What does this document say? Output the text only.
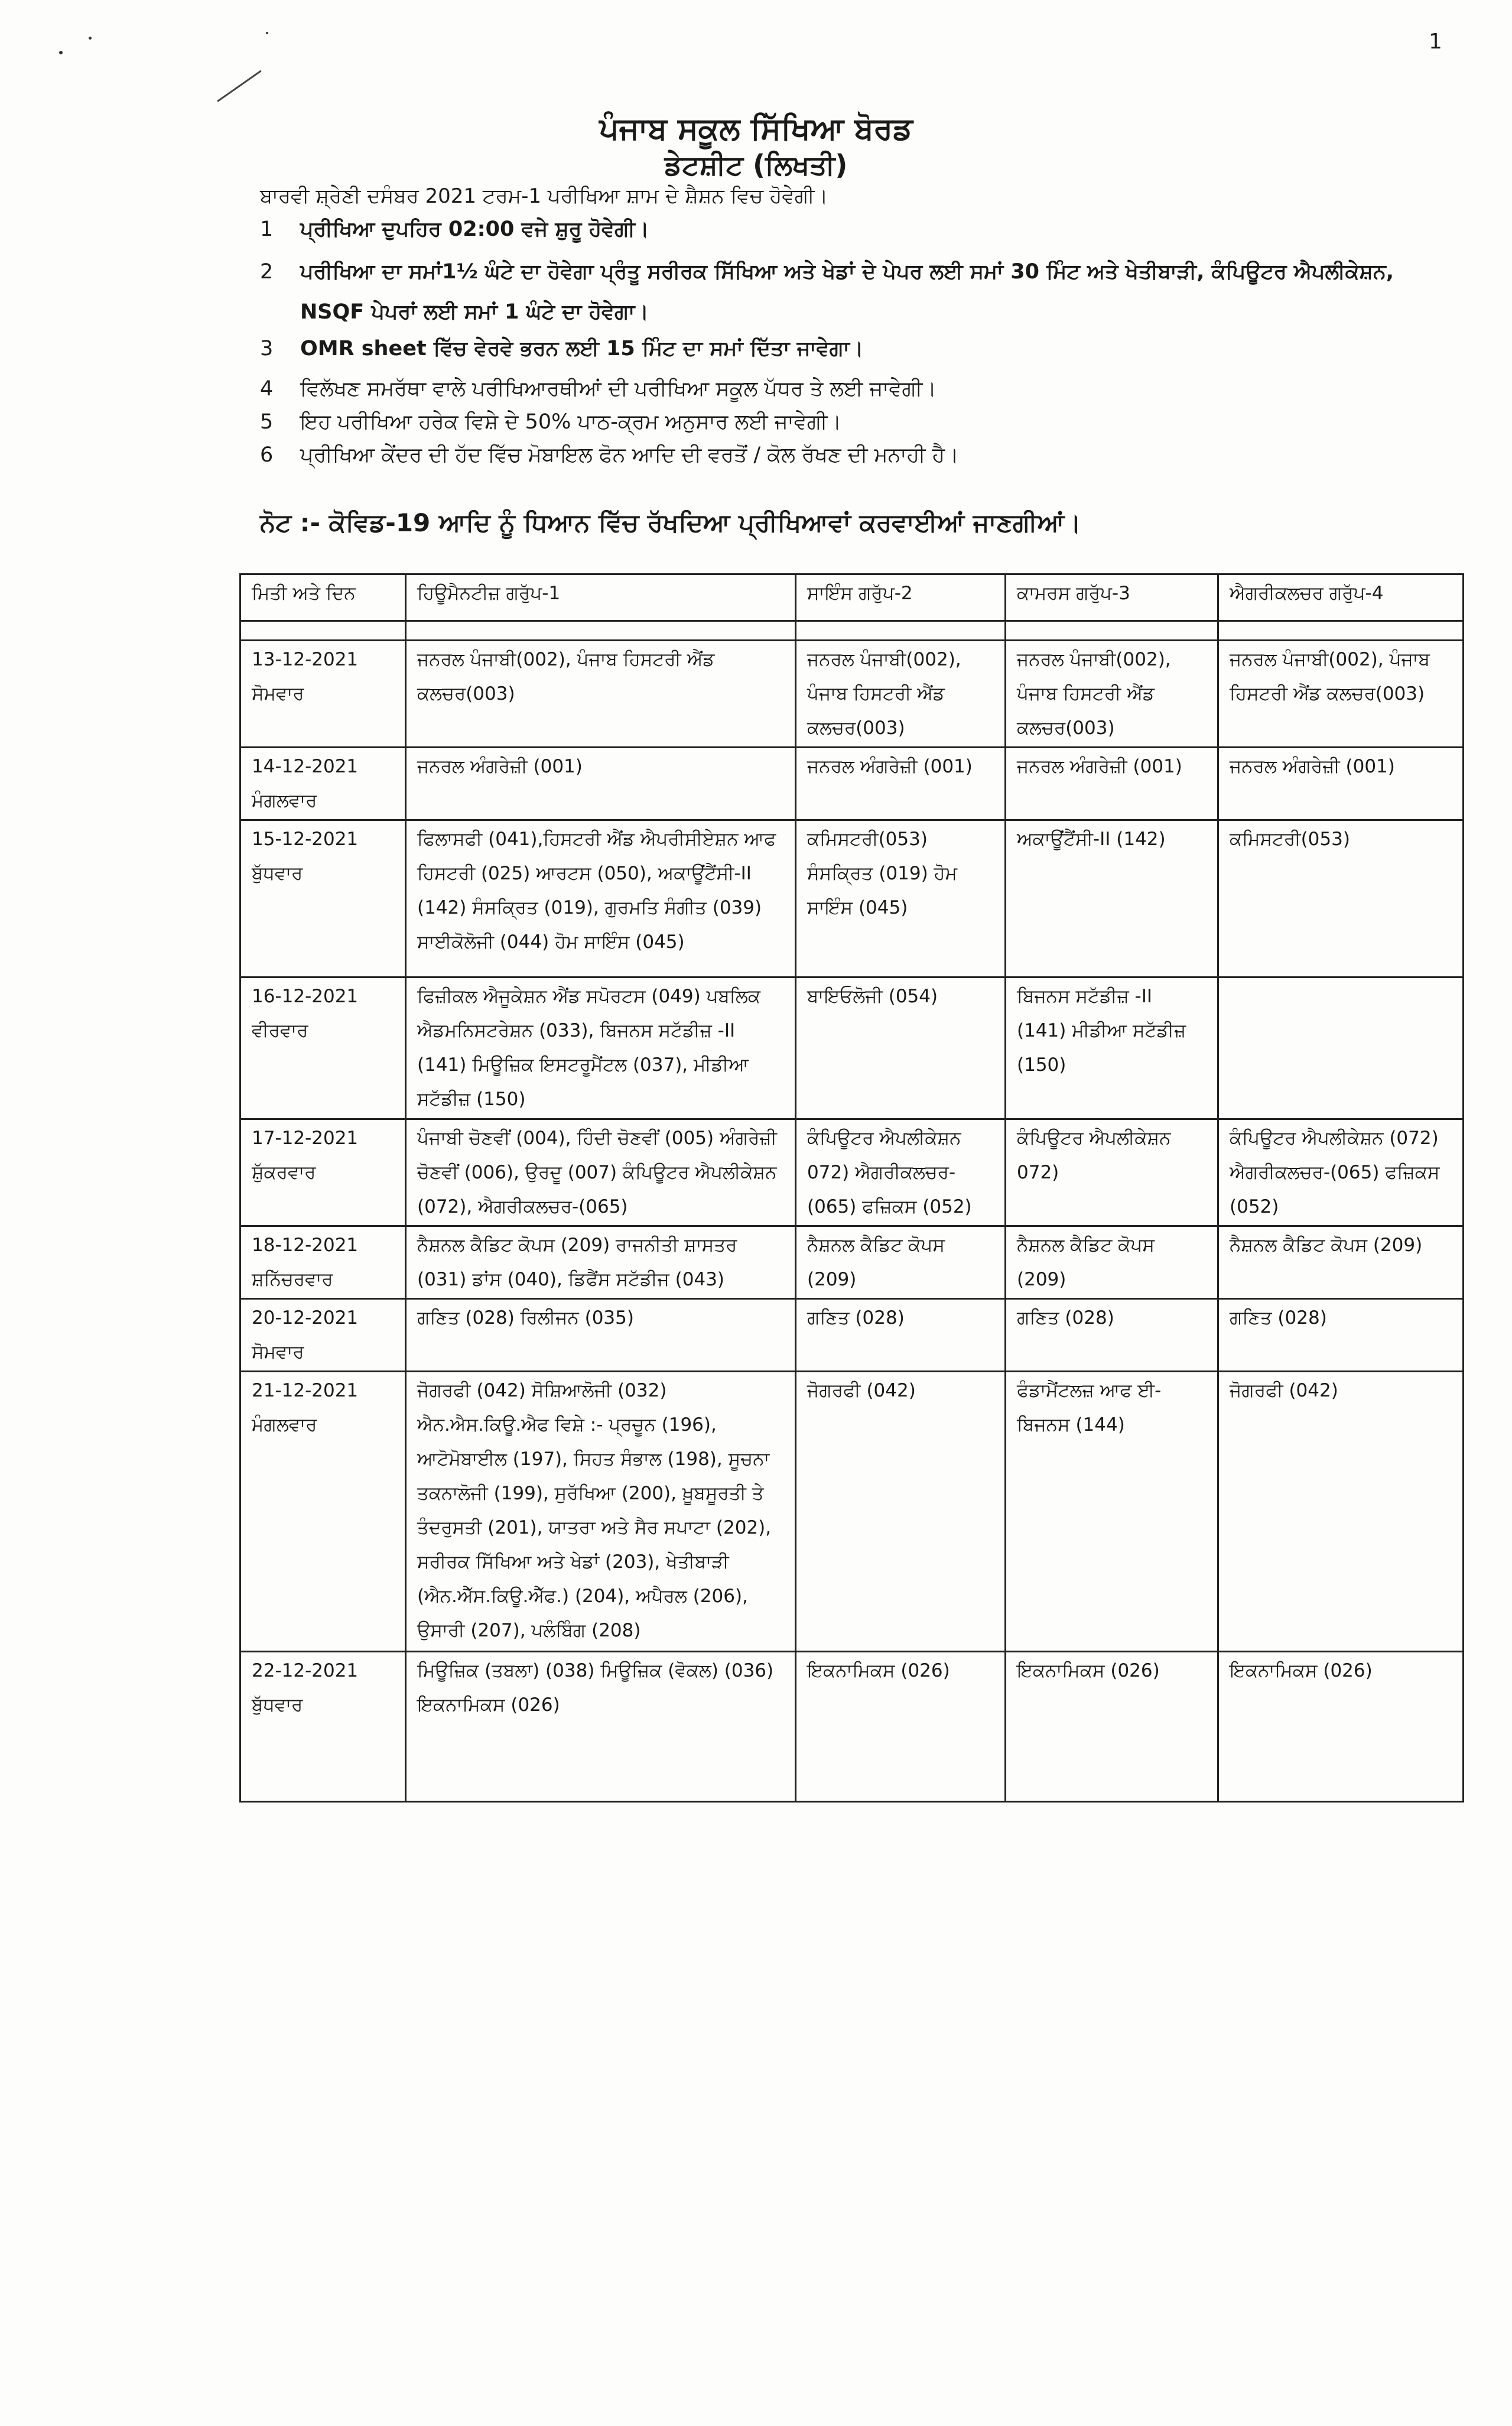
1
ਪੰਜਾਬ ਸਕੂਲ ਸਿੱਖਿਆ ਬੋਰਡ
ਡੇਟਸ਼ੀਟ (ਲਿਖਤੀ)
ਬਾਰਵੀ ਸ਼੍ਰੇਣੀ ਦਸੰਬਰ 2021 ਟਰਮ-1 ਪਰੀਖਿਆ ਸ਼ਾਮ ਦੇ ਸ਼ੈਸ਼ਨ ਵਿਚ ਹੋਵੇਗੀ।
1 ਪ੍ਰੀਖਿਆ ਦੁਪਹਿਰ 02:00 ਵਜੇ ਸ਼ੁਰੂ ਹੋਵੇਗੀ।
2 ਪਰੀਖਿਆ ਦਾ ਸਮਾਂ1½ ਘੰਟੇ ਦਾ ਹੋਵੇਗਾ ਪ੍ਰੰਤੂ ਸਰੀਰਕ ਸਿੱਖਿਆ ਅਤੇ ਖੇਡਾਂ ਦੇ ਪੇਪਰ ਲਈ ਸਮਾਂ 30 ਮਿੰਟ ਅਤੇ ਖੇਤੀਬਾੜੀ, ਕੰਪਿਊਟਰ ਐਪਲੀਕੇਸ਼ਨ,
NSQF ਪੇਪਰਾਂ ਲਈ ਸਮਾਂ 1 ਘੰਟੇ ਦਾ ਹੋਵੇਗਾ।
3 OMR sheet ਵਿੱਚ ਵੇਰਵੇ ਭਰਨ ਲਈ 15 ਮਿੰਟ ਦਾ ਸਮਾਂ ਦਿੱਤਾ ਜਾਵੇਗਾ।
4 ਵਿਲੱਖਣ ਸਮਰੱਥਾ ਵਾਲੇ ਪਰੀਖਿਆਰਥੀਆਂ ਦੀ ਪਰੀਖਿਆ ਸਕੂਲ ਪੱਧਰ ਤੇ ਲਈ ਜਾਵੇਗੀ।
5 ਇਹ ਪਰੀਖਿਆ ਹਰੇਕ ਵਿਸ਼ੇ ਦੇ 50% ਪਾਠ-ਕ੍ਰਮ ਅਨੁਸਾਰ ਲਈ ਜਾਵੇਗੀ।
6 ਪ੍ਰੀਖਿਆ ਕੇਂਦਰ ਦੀ ਹੱਦ ਵਿੱਚ ਮੋਬਾਇਲ ਫੋਨ ਆਦਿ ਦੀ ਵਰਤੋਂ / ਕੋਲ ਰੱਖਣ ਦੀ ਮਨਾਹੀ ਹੈ।
ਨੋਟ :- ਕੋਵਿਡ-19 ਆਦਿ ਨੂੰ ਧਿਆਨ ਵਿੱਚ ਰੱਖਦਿਆ ਪ੍ਰੀਖਿਆਵਾਂ ਕਰਵਾਈਆਂ ਜਾਣਗੀਆਂ।
ਮਿਤੀ ਅਤੇ ਦਿਨ	ਹਿਊਮੈਨਟੀਜ਼ ਗਰੁੱਪ-1	ਸਾਇੰਸ ਗਰੁੱਪ-2	ਕਾਮਰਸ ਗਰੁੱਪ-3	ਐਗਰੀਕਲਚਰ ਗਰੁੱਪ-4

13-12-2021
ਸੋਮਵਾਰ	ਜਨਰਲ ਪੰਜਾਬੀ(002), ਪੰਜਾਬ ਹਿਸਟਰੀ ਐਂਡ ਕਲਚਰ(003)	ਜਨਰਲ ਪੰਜਾਬੀ(002), ਪੰਜਾਬ ਹਿਸਟਰੀ ਐਂਡ ਕਲਚਰ(003)	ਜਨਰਲ ਪੰਜਾਬੀ(002), ਪੰਜਾਬ ਹਿਸਟਰੀ ਐਂਡ ਕਲਚਰ(003)	ਜਨਰਲ ਪੰਜਾਬੀ(002), ਪੰਜਾਬ ਹਿਸਟਰੀ ਐਂਡ ਕਲਚਰ(003)

14-12-2021
ਮੰਗਲਵਾਰ	ਜਨਰਲ ਅੰਗਰੇਜ਼ੀ (001)	ਜਨਰਲ ਅੰਗਰੇਜ਼ੀ (001)	ਜਨਰਲ ਅੰਗਰੇਜ਼ੀ (001)	ਜਨਰਲ ਅੰਗਰੇਜ਼ੀ (001)

15-12-2021
ਬੁੱਧਵਾਰ	ਫਿਲਾਸਫੀ (041),ਹਿਸਟਰੀ ਐਂਡ ਐਪਰੀਸੀਏਸ਼ਨ ਆਫ ਹਿਸਟਰੀ (025) ਆਰਟਸ (050), ਅਕਾਊਂਟੈਂਸੀ-II (142) ਸੰਸਕ੍ਰਿਤ (019), ਗੁਰਮਤਿ ਸੰਗੀਤ (039) ਸਾਈਕੋਲੋਜੀ (044) ਹੋਮ ਸਾਇੰਸ (045)	ਕਮਿਸਟਰੀ(053) ਸੰਸਕ੍ਰਿਤ (019) ਹੋਮ ਸਾਇੰਸ (045)	ਅਕਾਊਂਟੈਂਸੀ-II (142)	ਕਮਿਸਟਰੀ(053)

16-12-2021
ਵੀਰਵਾਰ	ਫਿਜ਼ੀਕਲ ਐਜੂਕੇਸ਼ਨ ਐਂਡ ਸਪੋਰਟਸ (049) ਪਬਲਿਕ ਐਡਮਨਿਸਟਰੇਸ਼ਨ (033), ਬਿਜਨਸ ਸਟੱਡੀਜ਼ -II (141) ਮਿਊਜ਼ਿਕ ਇਸਟਰੂਮੈਂਟਲ (037), ਮੀਡੀਆ ਸਟੱਡੀਜ਼ (150)	ਬਾਇਓਲੋਜੀ (054)	ਬਿਜਨਸ ਸਟੱਡੀਜ਼ -II (141) ਮੀਡੀਆ ਸਟੱਡੀਜ਼ (150)	

17-12-2021
ਸ਼ੁੱਕਰਵਾਰ	ਪੰਜਾਬੀ ਚੋਣਵੀਂ (004), ਹਿੰਦੀ ਚੋਣਵੀਂ (005) ਅੰਗਰੇਜ਼ੀ ਚੋਣਵੀਂ (006), ਉਰਦੂ (007) ਕੰਪਿਊਟਰ ਐਪਲੀਕੇਸ਼ਨ (072), ਐਗਰੀਕਲਚਰ-(065)	ਕੰਪਿਊਟਰ ਐਪਲੀਕੇਸ਼ਨ 072) ਐਗਰੀਕਲਚਰ-(065) ਫਜ਼ਿਕਸ (052)	ਕੰਪਿਊਟਰ ਐਪਲੀਕੇਸ਼ਨ 072)	ਕੰਪਿਊਟਰ ਐਪਲੀਕੇਸ਼ਨ (072) ਐਗਰੀਕਲਚਰ-(065) ਫਜ਼ਿਕਸ (052)

18-12-2021
ਸ਼ਨਿੱਚਰਵਾਰ	ਨੈਸ਼ਨਲ ਕੈਡਿਟ ਕੋਪਸ (209) ਰਾਜਨੀਤੀ ਸ਼ਾਸਤਰ (031) ਡਾਂਸ (040), ਡਿਫੈਂਸ ਸਟੱਡੀਜ (043)	ਨੈਸ਼ਨਲ ਕੈਡਿਟ ਕੋਪਸ (209)	ਨੈਸ਼ਨਲ ਕੈਡਿਟ ਕੋਪਸ (209)	ਨੈਸ਼ਨਲ ਕੈਡਿਟ ਕੋਪਸ (209)

20-12-2021
ਸੋਮਵਾਰ	ਗਣਿਤ (028) ਰਿਲੀਜਨ (035)	ਗਣਿਤ (028)	ਗਣਿਤ (028)	ਗਣਿਤ (028)

21-12-2021
ਮੰਗਲਵਾਰ	ਜੋਗਰਫੀ (042) ਸੋਸ਼ਿਆਲੋਜੀ (032) ਐਨ.ਐਸ.ਕਿਊ.ਐਫ ਵਿਸ਼ੇ :- ਪ੍ਰਚੂਨ (196), ਆਟੋਮੋਬਾਈਲ (197), ਸਿਹਤ ਸੰਭਾਲ (198), ਸੂਚਨਾ ਤਕਨਾਲੋਜੀ (199), ਸੁਰੱਖਿਆ (200), ਖ਼ੂਬਸੂਰਤੀ ਤੇ ਤੰਦਰੁਸਤੀ (201), ਯਾਤਰਾ ਅਤੇ ਸੈਰ ਸਪਾਟਾ (202), ਸਰੀਰਕ ਸਿੱਖਿਆ ਅਤੇ ਖੇਡਾਂ (203), ਖੇਤੀਬਾੜੀ (ਐਨ.ਐੱਸ.ਕਿਊ.ਐੱਫ.) (204), ਅਪੈਰਲ (206), ਉਸਾਰੀ (207), ਪਲੰਬਿੰਗ (208)	ਜੋਗਰਫੀ (042)	ਫੰਡਾਮੈਂਟਲਜ਼ ਆਫ ਈ-ਬਿਜਨਸ (144)	ਜੋਗਰਫੀ (042)

22-12-2021
ਬੁੱਧਵਾਰ	ਮਿਊਜ਼ਿਕ (ਤਬਲਾ) (038) ਮਿਊਜ਼ਿਕ (ਵੋਕਲ) (036) ਇਕਨਾਮਿਕਸ (026)	ਇਕਨਾਮਿਕਸ (026)	ਇਕਨਾਮਿਕਸ (026)	ਇਕਨਾਮਿਕਸ (026)
